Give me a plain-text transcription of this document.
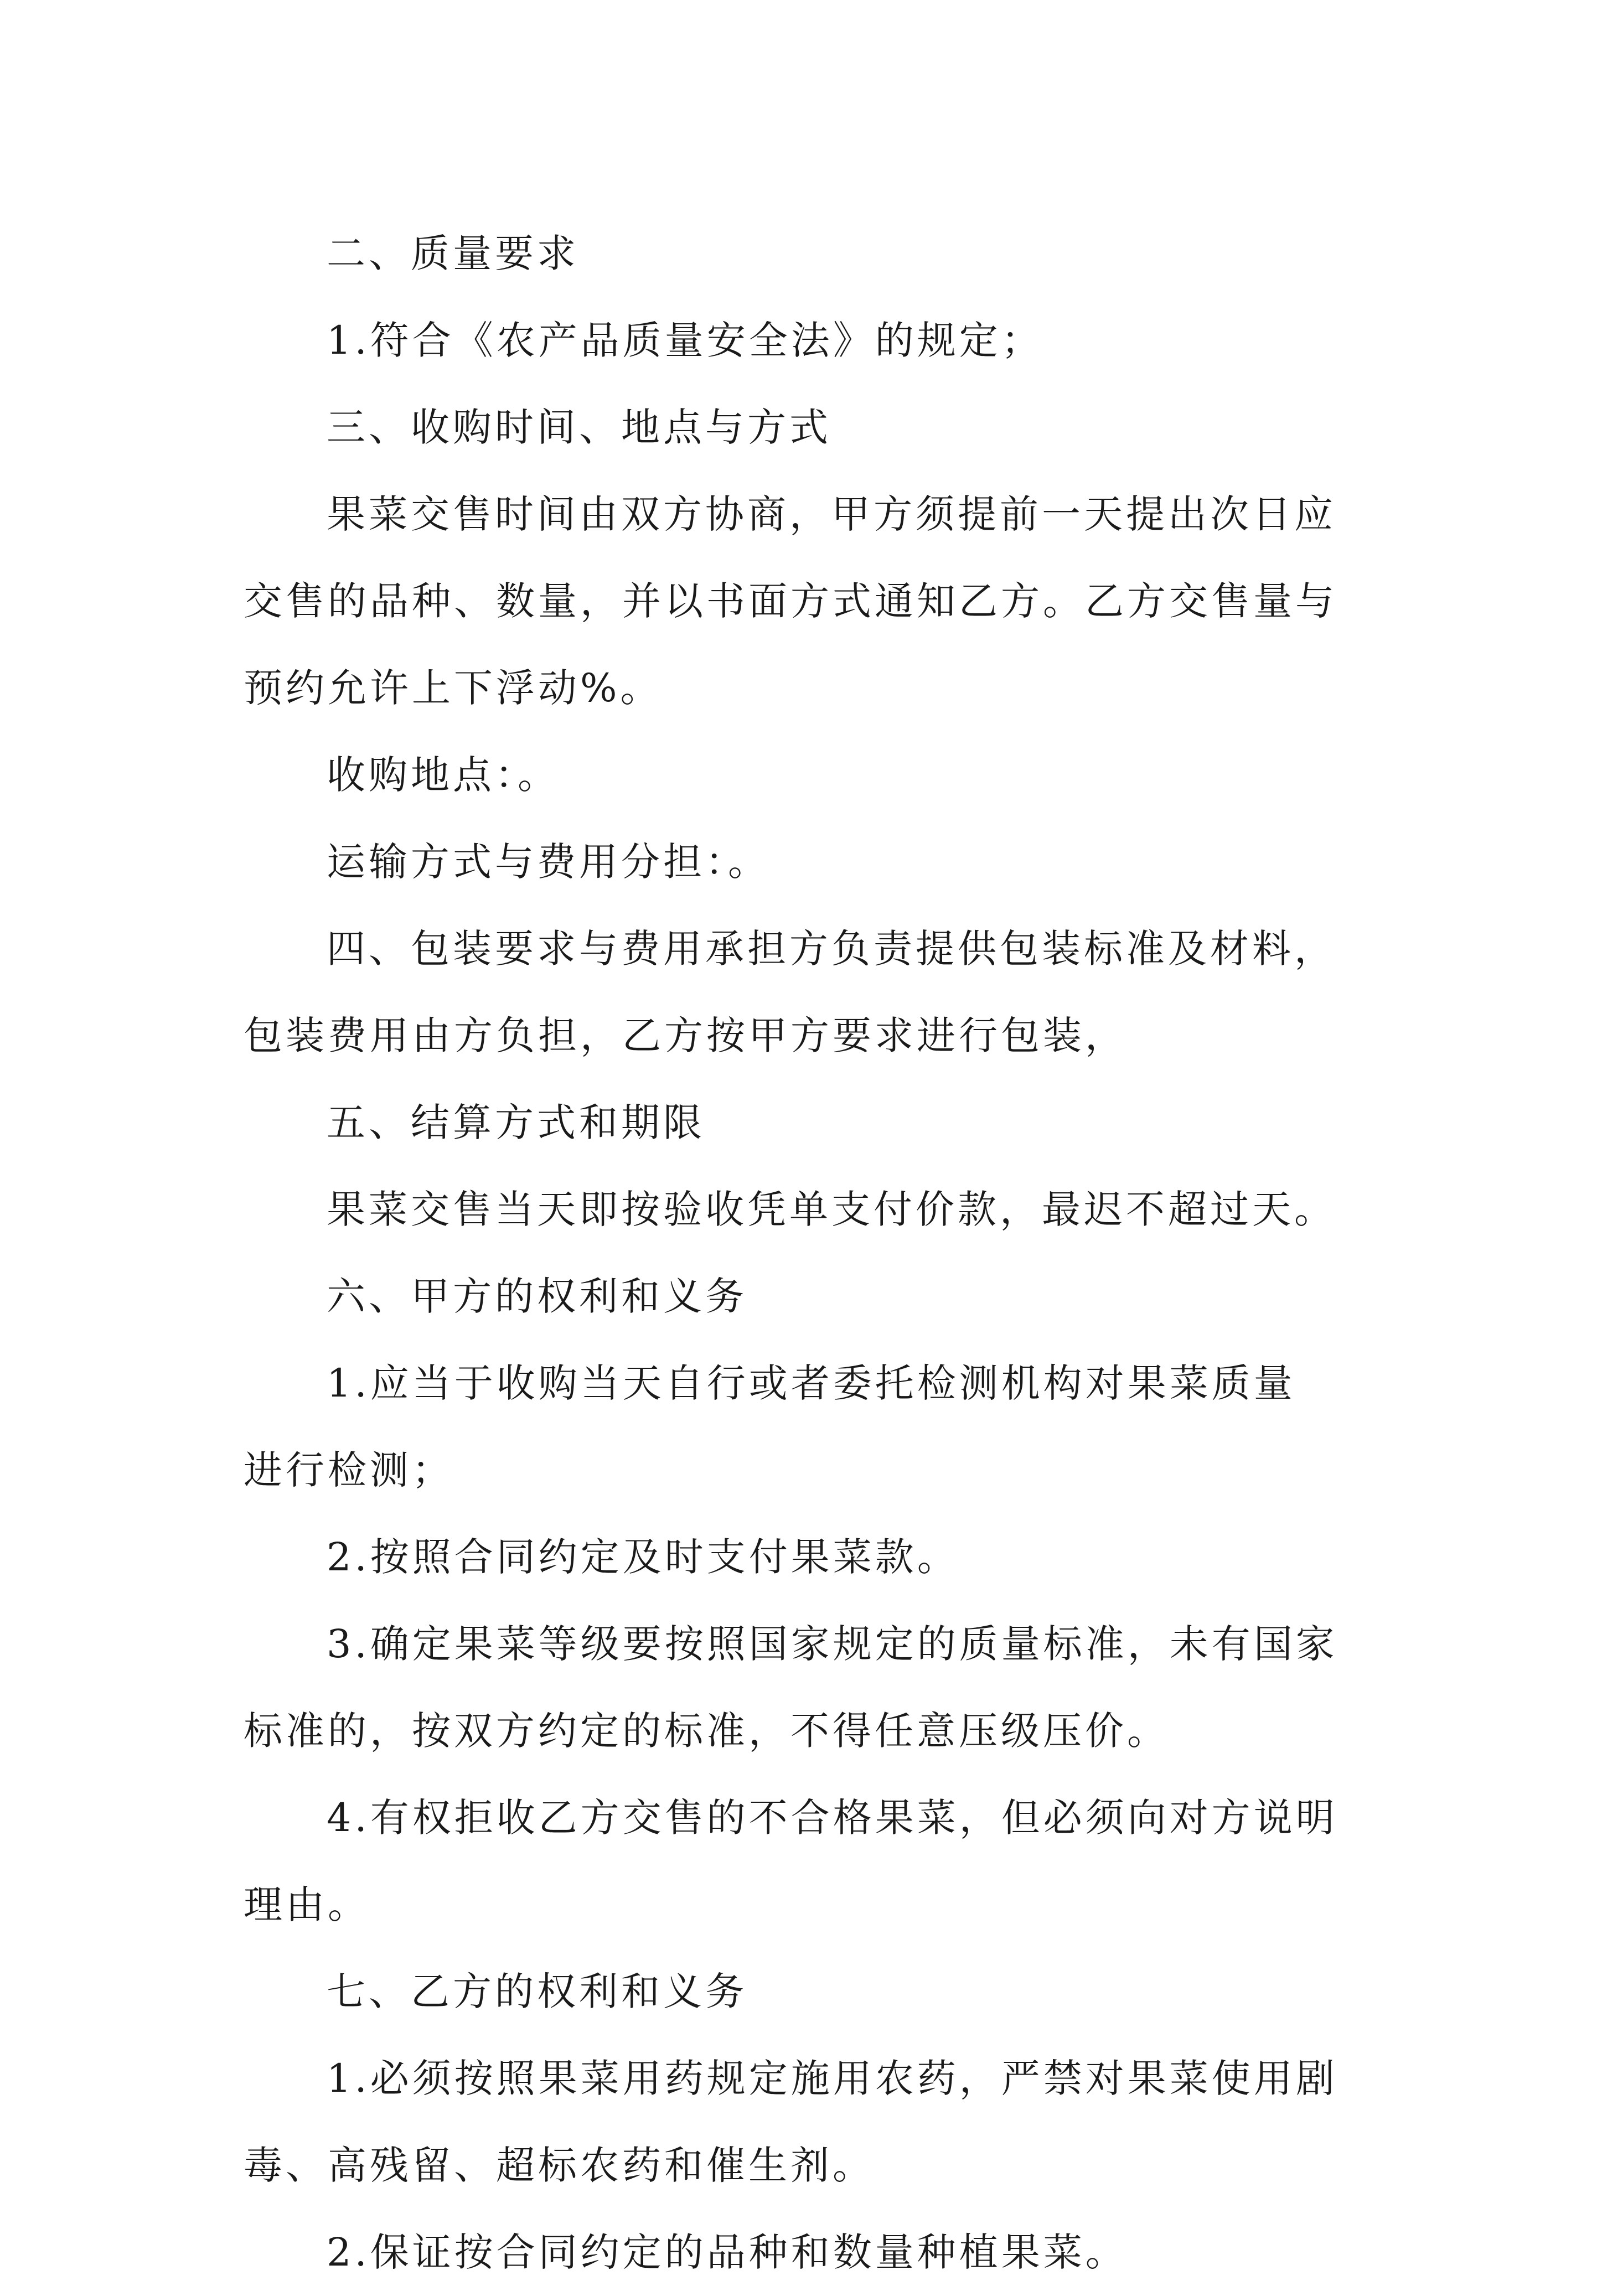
二、质量要求
1.符合《农产品质量安全法》的规定；
三、收购时间、地点与方式
果菜交售时间由双方协商，甲方须提前一天提出次日应
交售的品种、数量，并以书面方式通知乙方。乙方交售量与
预约允许上下浮动%。
收购地点：。
运输方式与费用分担：。
四、包装要求与费用承担方负责提供包装标准及材料，
包装费用由方负担，乙方按甲方要求进行包装，
五、结算方式和期限
果菜交售当天即按验收凭单支付价款，最迟不超过天。
六、甲方的权利和义务
1.应当于收购当天自行或者委托检测机构对果菜质量
进行检测；
2.按照合同约定及时支付果菜款。
3.确定果菜等级要按照国家规定的质量标准，未有国家
标准的，按双方约定的标准，不得任意压级压价。
4.有权拒收乙方交售的不合格果菜，但必须向对方说明
理由。
七、乙方的权利和义务
1.必须按照果菜用药规定施用农药，严禁对果菜使用剧
毒、高残留、超标农药和催生剂。
2.保证按合同约定的品种和数量种植果菜。
